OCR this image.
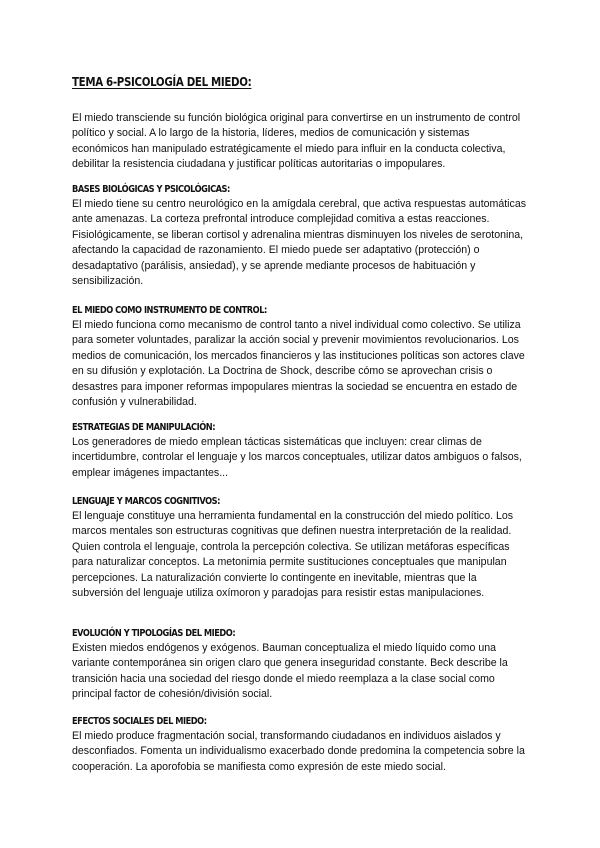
TEMA 6-PSICOLOGÍA DEL MIEDO:

El miedo transciende su función biológica original para convertirse en un instrumento de control político y social. A lo largo de la historia, líderes, medios de comunicación y sistemas económicos han manipulado estratégicamente el miedo para influir en la conducta colectiva, debilitar la resistencia ciudadana y justificar políticas autoritarias o impopulares.

BASES BIOLÓGICAS Y PSICOLÓGICAS:

El miedo tiene su centro neurológico en la amígdala cerebral, que activa respuestas automáticas ante amenazas. La corteza prefrontal introduce complejidad comitiva a estas reacciones. Fisiológicamente, se liberan cortisol y adrenalina mientras disminuyen los niveles de serotonina, afectando la capacidad de razonamiento. El miedo puede ser adaptativo (protección) o desadaptativo (parálisis, ansiedad), y se aprende mediante procesos de habituación y sensibilización.

EL MIEDO COMO INSTRUMENTO DE CONTROL:

El miedo funciona como mecanismo de control tanto a nivel individual como colectivo. Se utiliza para someter voluntades, paralizar la acción social y prevenir movimientos revolucionarios. Los medios de comunicación, los mercados financieros y las instituciones políticas son actores clave en su difusión y explotación. La Doctrina de Shock, describe cómo se aprovechan crisis o desastres para imponer reformas impopulares mientras la sociedad se encuentra en estado de confusión y vulnerabilidad.

ESTRATEGIAS DE MANIPULACIÓN:

Los generadores de miedo emplean tácticas sistemáticas que incluyen: crear climas de incertidumbre, controlar el lenguaje y los marcos conceptuales, utilizar datos ambiguos o falsos, emplear imágenes impactantes...

LENGUAJE Y MARCOS COGNITIVOS:

El lenguaje constituye una herramienta fundamental en la construcción del miedo político. Los marcos mentales son estructuras cognitivas que definen nuestra interpretación de la realidad. Quien controla el lenguaje, controla la percepción colectiva. Se utilizan metáforas específicas para naturalizar conceptos. La metonimia permite sustituciones conceptuales que manipulan percepciones. La naturalización convierte lo contingente en inevitable, mientras que la subversión del lenguaje utiliza oxímoron y paradojas para resistir estas manipulaciones.

EVOLUCIÓN Y TIPOLOGÍAS DEL MIEDO:

Existen miedos endógenos y exógenos. Bauman conceptualiza el miedo líquido como una variante contemporánea sin origen claro que genera inseguridad constante. Beck describe la transición hacia una sociedad del riesgo donde el miedo reemplaza a la clase social como principal factor de cohesión/división social.

EFECTOS SOCIALES DEL MIEDO:

El miedo produce fragmentación social, transformando ciudadanos en individuos aislados y desconfiados. Fomenta un individualismo exacerbado donde predomina la competencia sobre la cooperación. La aporofobia se manifiesta como expresión de este miedo social.
